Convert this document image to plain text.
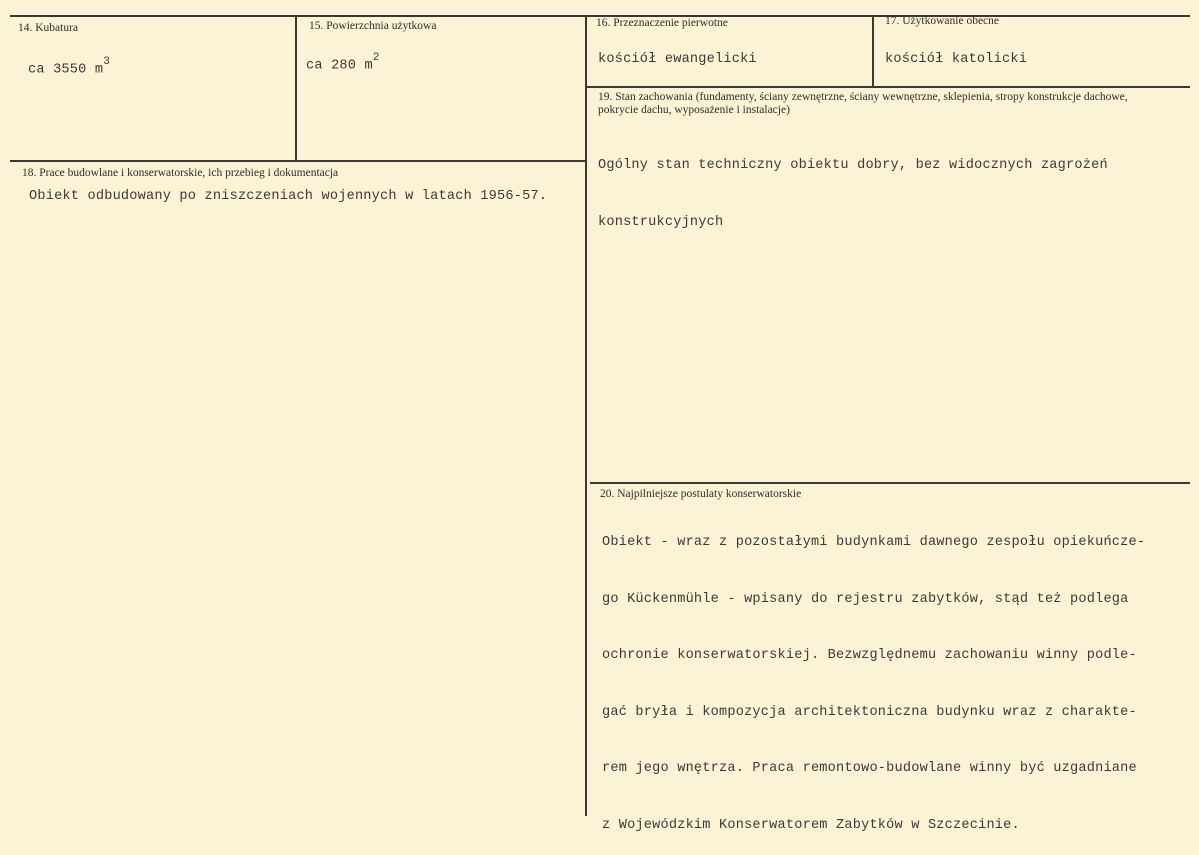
14. Kubatura
ca 3550 $m^3$
15. Powierzchnia użytkowa
ca 280 $m^2$
16. Przeznaczenie pierwotne
kościół ewangelicki
17. Użytkowanie obecne
kościół katolicki
18. Prace budowlane i konserwatorskie, ich przebieg i dokumentacja
Obiekt odbudowany po zniszczeniach wojennych w latach 1956-57.
19. Stan zachowania (fundamenty, ściany zewnętrzne, ściany wewnętrzne, sklepienia, stropy konstrukcje dachowe, pokrycie dachu, wyposażenie i instalacje)

Ogólny stan techniczny obiektu dobry, bez widocznych zagrożeń

konstrukcyjnych

20. Najpilniejsze postulaty konserwatorskie

Obiekt - wraz z pozostałymi budynkami dawnego zespołu opiekuńcze-

go Kückenmühle - wpisany do rejestru zabytków, stąd też podlega

ochronie konserwatorskiej. Bezwzględnemu zachowaniu winny podle-

gać bryła i kompozycja architektoniczna budynku wraz z charakte-

rem jego wnętrza. Praca remontowo-budowlane winny być uzgadniane

z Wojewódzkim Konserwatorem Zabytków w Szczecinie.
